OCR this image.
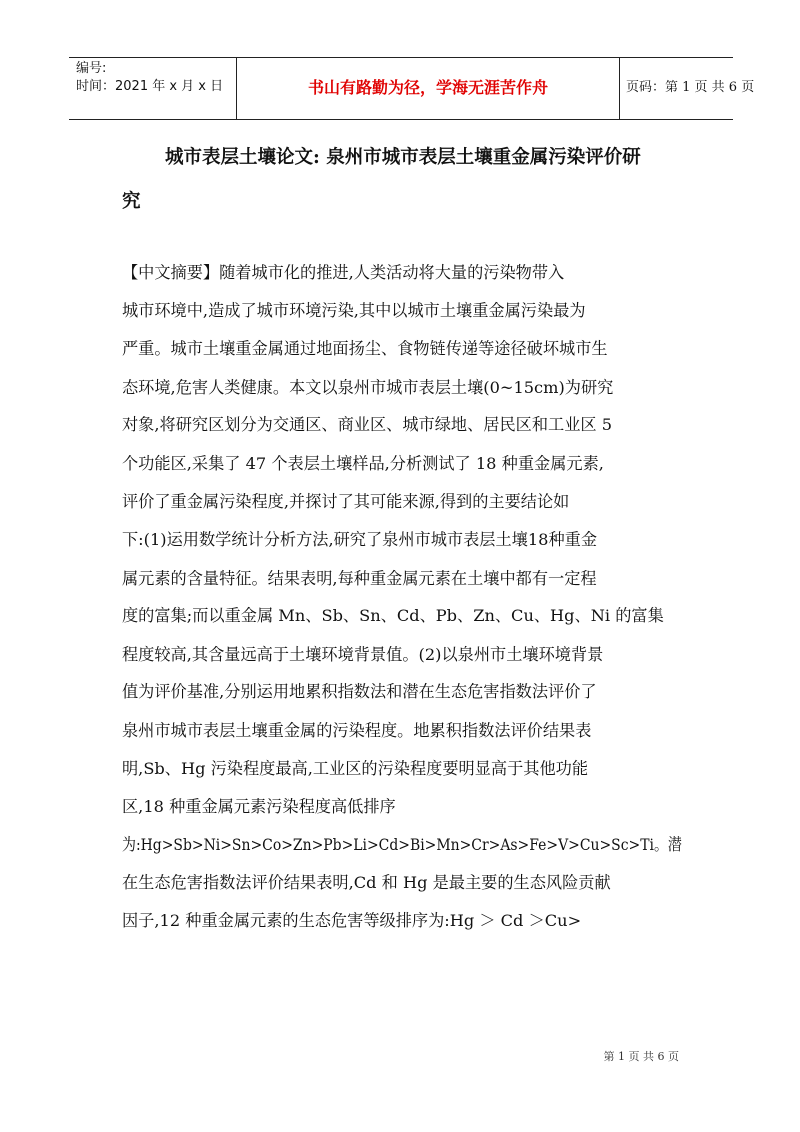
编号:
时间：2021 年 x 月 x 日	书山有路勤为径，学海无涯苦作舟	页码：第 1 页 共 6 页
城市表层土壤论文: 泉州市城市表层土壤重金属污染评价研
究
【中文摘要】随着城市化的推进,人类活动将大量的污染物带入
城市环境中,造成了城市环境污染,其中以城市土壤重金属污染最为
严重。城市土壤重金属通过地面扬尘、食物链传递等途径破坏城市生
态环境,危害人类健康。本文以泉州市城市表层土壤(0~15cm)为研究
对象,将研究区划分为交通区、商业区、城市绿地、居民区和工业区 5
个功能区,采集了 47 个表层土壤样品,分析测试了 18 种重金属元素,
评价了重金属污染程度,并探讨了其可能来源,得到的主要结论如
下:(1)运用数学统计分析方法,研究了泉州市城市表层土壤18种重金
属元素的含量特征。结果表明,每种重金属元素在土壤中都有一定程
度的富集;而以重金属 Mn、Sb、Sn、Cd、Pb、Zn、Cu、Hg、Ni 的富集
程度较高,其含量远高于土壤环境背景值。(2)以泉州市土壤环境背景
值为评价基准,分别运用地累积指数法和潜在生态危害指数法评价了
泉州市城市表层土壤重金属的污染程度。地累积指数法评价结果表
明,Sb、Hg 污染程度最高,工业区的污染程度要明显高于其他功能
区,18 种重金属元素污染程度高低排序
为:Hg>Sb>Ni>Sn>Co>Zn>Pb>Li>Cd>Bi>Mn>Cr>As>Fe>V>Cu>Sc>Ti。潜
在生态危害指数法评价结果表明,Cd 和 Hg 是最主要的生态风险贡献
因子,12 种重金属元素的生态危害等级排序为:Hg ＞ Cd ＞Cu>
第 1 页 共 6 页
